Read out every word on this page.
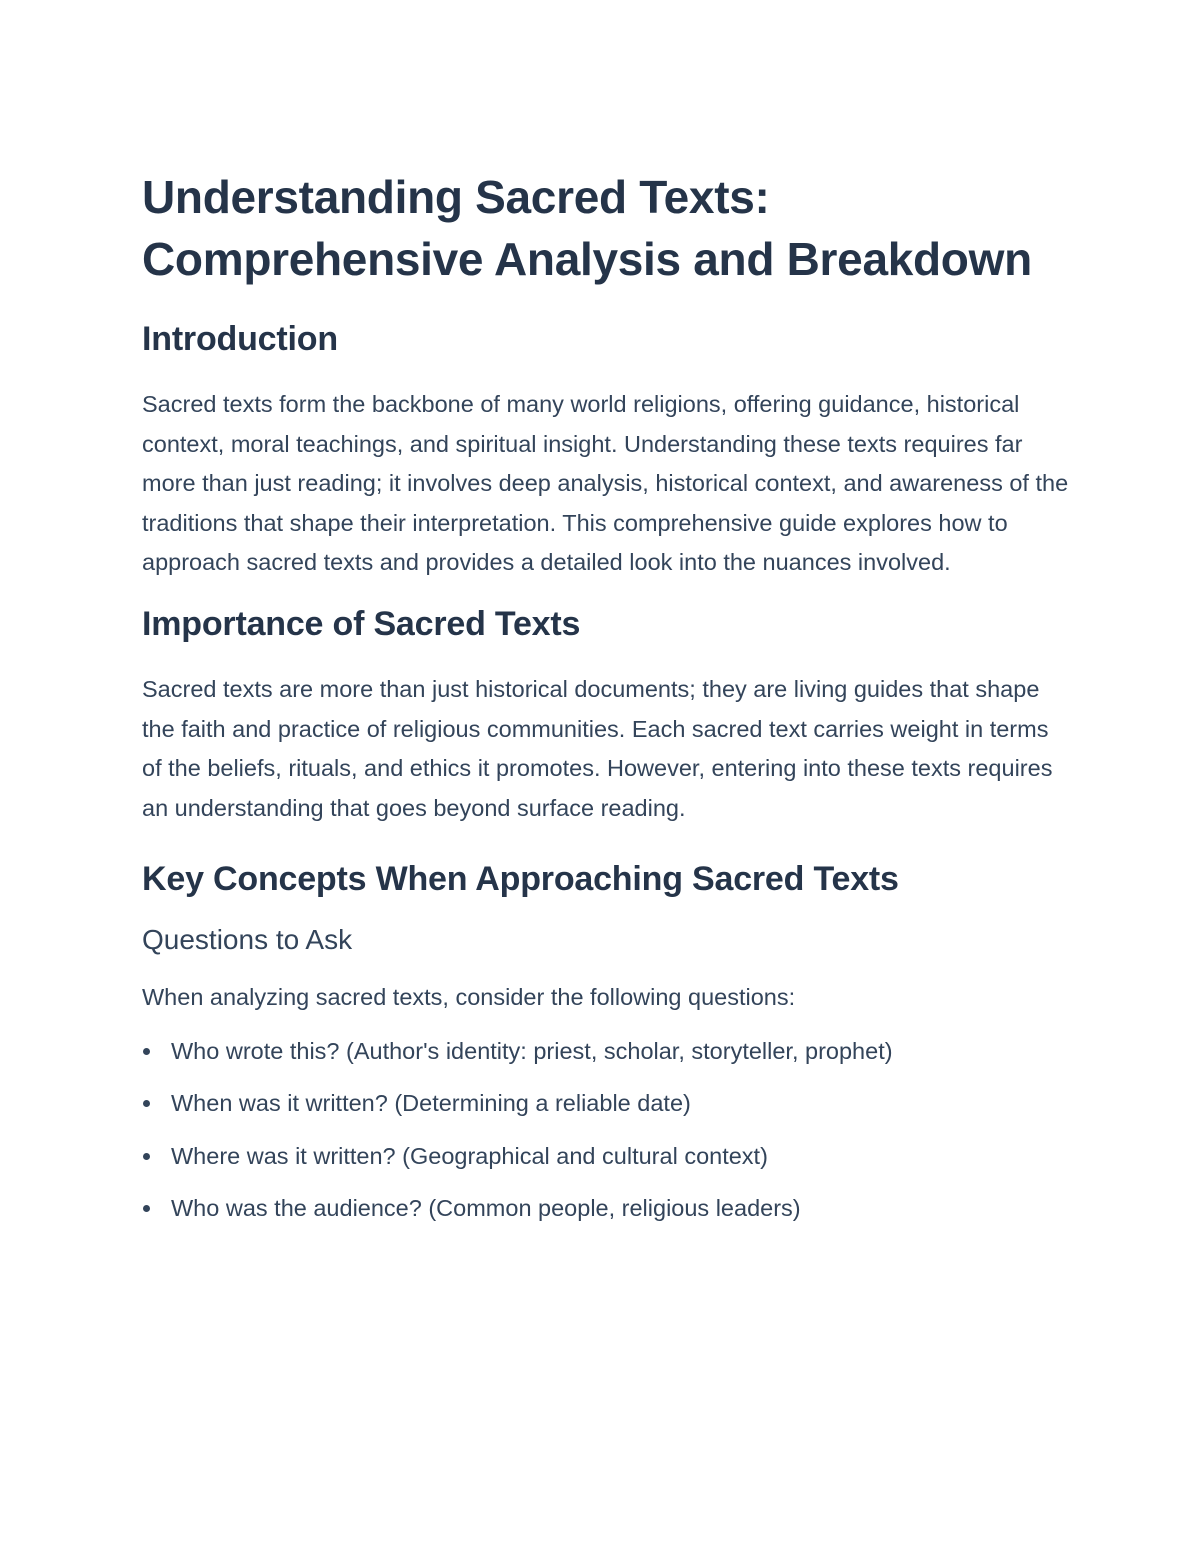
Understanding Sacred Texts: Comprehensive Analysis and Breakdown
Introduction

Sacred texts form the backbone of many world religions, offering guidance, historical context, moral teachings, and spiritual insight. Understanding these texts requires far more than just reading; it involves deep analysis, historical context, and awareness of the traditions that shape their interpretation. This comprehensive guide explores how to approach sacred texts and provides a detailed look into the nuances involved.

Importance of Sacred Texts

Sacred texts are more than just historical documents; they are living guides that shape the faith and practice of religious communities. Each sacred text carries weight in terms of the beliefs, rituals, and ethics it promotes. However, entering into these texts requires an understanding that goes beyond surface reading.

Key Concepts When Approaching Sacred Texts
Questions to Ask

When analyzing sacred texts, consider the following questions:

Who wrote this? (Author's identity: priest, scholar, storyteller, prophet)
When was it written? (Determining a reliable date)
Where was it written? (Geographical and cultural context)
Who was the audience? (Common people, religious leaders)
